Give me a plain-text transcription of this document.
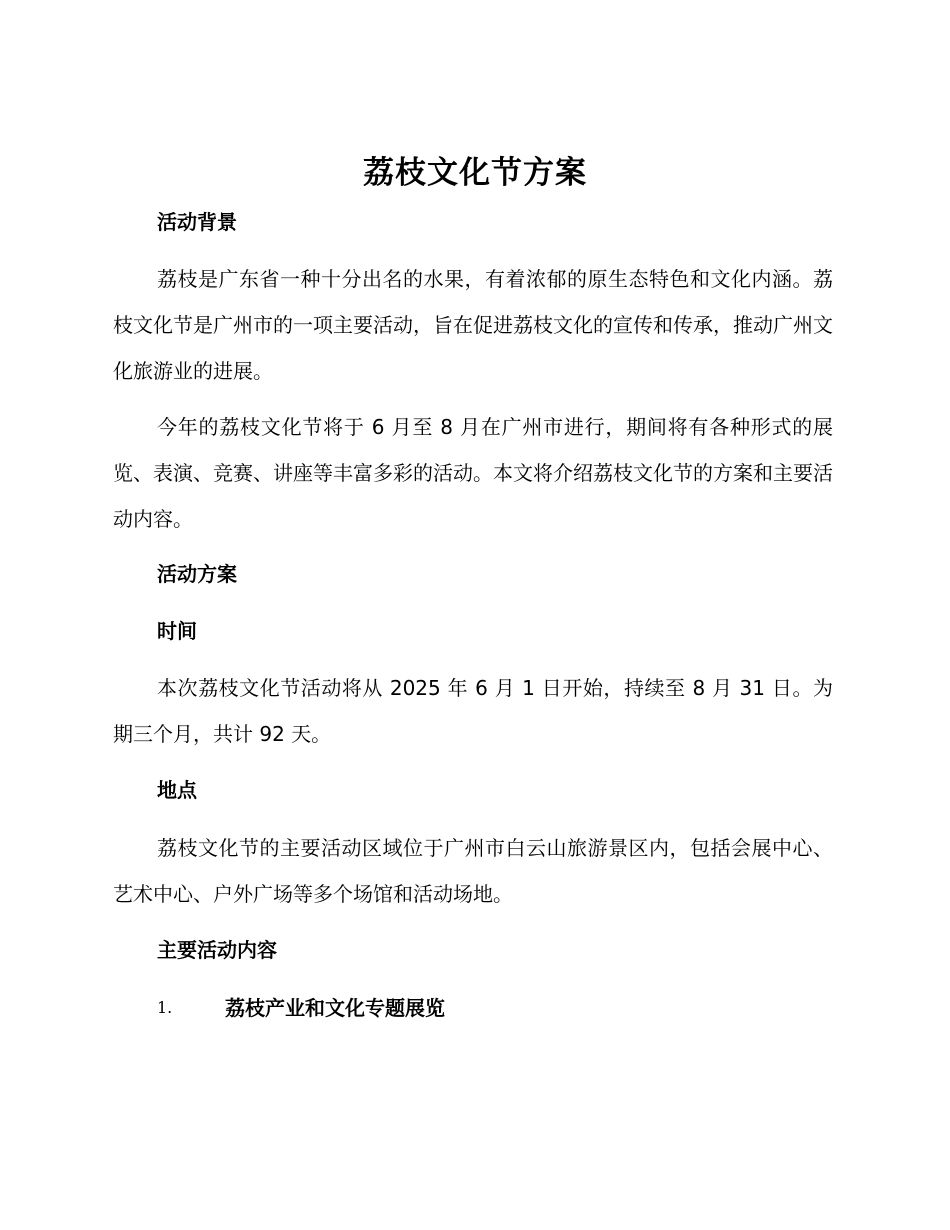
荔枝文化节方案
活动背景
荔枝是广东省一种十分出名的水果，有着浓郁的原生态特色和文化内涵。荔枝文化节是广州市的一项主要活动，旨在促进荔枝文化的宣传和传承，推动广州文化旅游业的进展。
今年的荔枝文化节将于 6 月至 8 月在广州市进行，期间将有各种形式的展览、表演、竞赛、讲座等丰富多彩的活动。本文将介绍荔枝文化节的方案和主要活动内容。
活动方案
时间
本次荔枝文化节活动将从 2025 年 6 月 1 日开始，持续至 8 月 31 日。为期三个月，共计 92 天。
地点
荔枝文化节的主要活动区域位于广州市白云山旅游景区内，包括会展中心、艺术中心、户外广场等多个场馆和活动场地。
主要活动内容
1.	荔枝产业和文化专题展览
